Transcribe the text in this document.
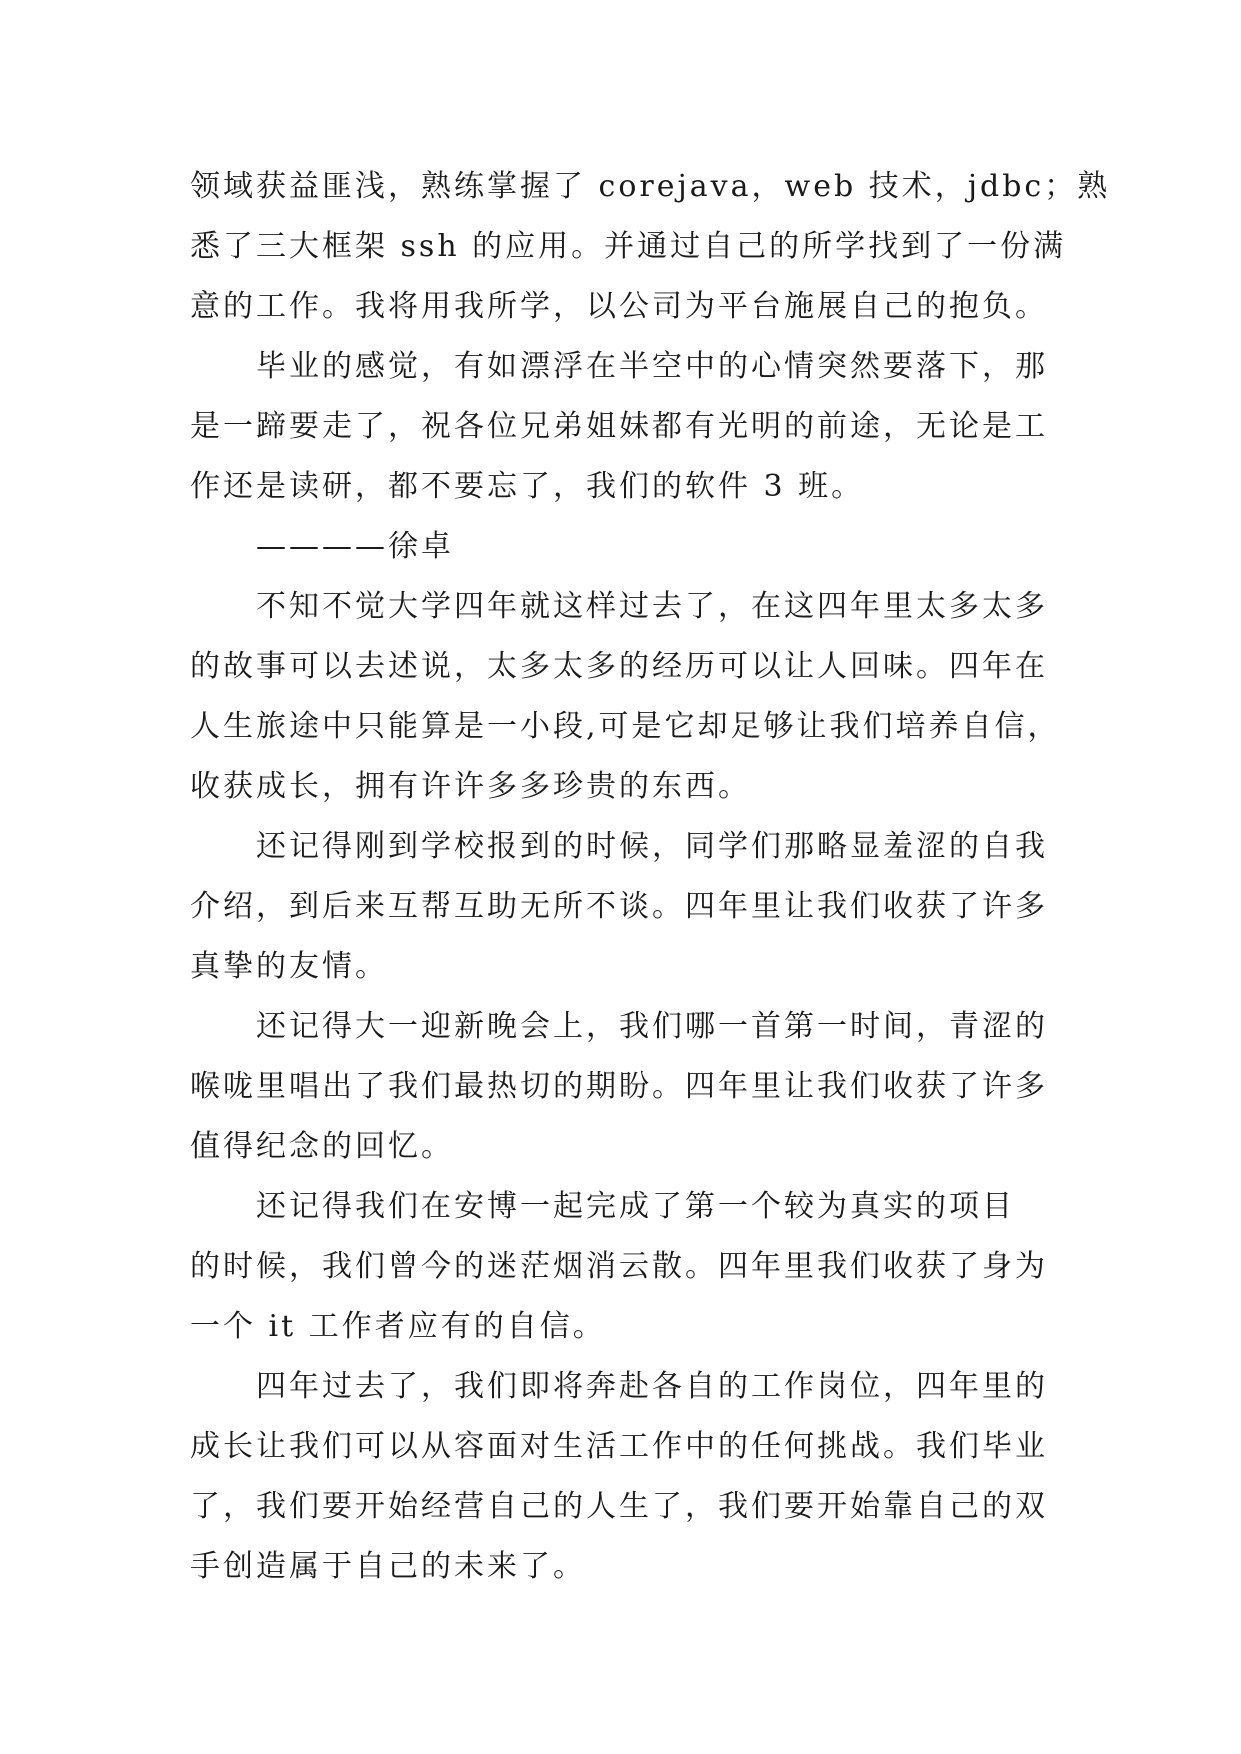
领域获益匪浅，熟练掌握了 corejava，web 技术，jdbc；熟
悉了三大框架 ssh 的应用。并通过自己的所学找到了一份满
意的工作。我将用我所学，以公司为平台施展自己的抱负。
毕业的感觉，有如漂浮在半空中的心情突然要落下，那
是一蹄要走了，祝各位兄弟姐妹都有光明的前途，无论是工
作还是读研，都不要忘了，我们的软件 3 班。
————徐卓
不知不觉大学四年就这样过去了，在这四年里太多太多
的故事可以去述说，太多太多的经历可以让人回味。四年在
人生旅途中只能算是一小段,可是它却足够让我们培养自信，
收获成长，拥有许许多多珍贵的东西。
还记得刚到学校报到的时候，同学们那略显羞涩的自我
介绍，到后来互帮互助无所不谈。四年里让我们收获了许多
真挚的友情。
还记得大一迎新晚会上，我们哪一首第一时间，青涩的
喉咙里唱出了我们最热切的期盼。四年里让我们收获了许多
值得纪念的回忆。
还记得我们在安博一起完成了第一个较为真实的项目
的时候，我们曾今的迷茫烟消云散。四年里我们收获了身为
一个 it 工作者应有的自信。
四年过去了，我们即将奔赴各自的工作岗位，四年里的
成长让我们可以从容面对生活工作中的任何挑战。我们毕业
了，我们要开始经营自己的人生了，我们要开始靠自己的双
手创造属于自己的未来了。
